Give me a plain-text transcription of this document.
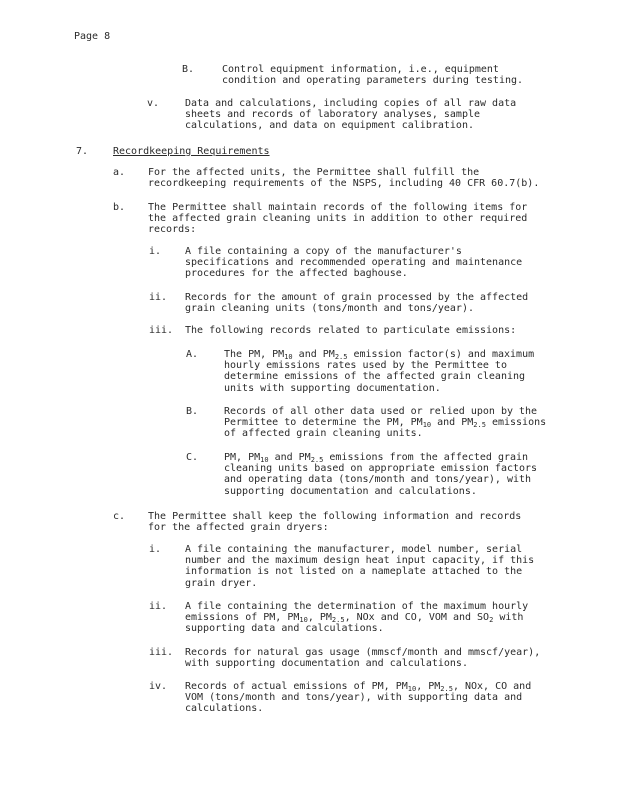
Page 8
B.	Control equipment information, i.e., equipment
condition and operating parameters during testing.
v.	Data and calculations, including copies of all raw data
sheets and records of laboratory analyses, sample
calculations, and data on equipment calibration.
7. Recordkeeping Requirements
a. For the affected units, the Permittee shall fulfill the
recordkeeping requirements of the NSPS, including 40 CFR 60.7(b).
b. The Permittee shall maintain records of the following items for
the affected grain cleaning units in addition to other required
records:
i. A file containing a copy of the manufacturer's
specifications and recommended operating and maintenance
procedures for the affected baghouse.
ii. Records for the amount of grain processed by the affected
grain cleaning units (tons/month and tons/year).
iii. The following records related to particulate emissions:
A.	The PM, $PM_{10}$ and $PM_{2.5}$ emission factor(s) and maximum
hourly emissions rates used by the Permittee to
determine emissions of the affected grain cleaning
units with supporting documentation.
B.	Records of all other data used or relied upon by the
Permittee to determine the PM, $PM_{10}$ and $PM_{2.5}$ emissions
of affected grain cleaning units.
C.	PM, $PM_{10}$ and $PM_{2.5}$ emissions from the affected grain
cleaning units based on appropriate emission factors
and operating data (tons/month and tons/year), with
supporting documentation and calculations.
c. The Permittee shall keep the following information and records
for the affected grain dryers:
i. A file containing the manufacturer, model number, serial
number and the maximum design heat input capacity, if this
information is not listed on a nameplate attached to the
grain dryer.
ii. A file containing the determination of the maximum hourly
emissions of PM, $PM_{10}$, $PM_{2.5}$, NOx and CO, VOM and $SO_2$ with
supporting data and calculations.
iii. Records for natural gas usage (mmscf/month and mmscf/year),
with supporting documentation and calculations.
iv. Records of actual emissions of PM, $PM_{10}$, $PM_{2.5}$, NOx, CO and
VOM (tons/month and tons/year), with supporting data and
calculations.
